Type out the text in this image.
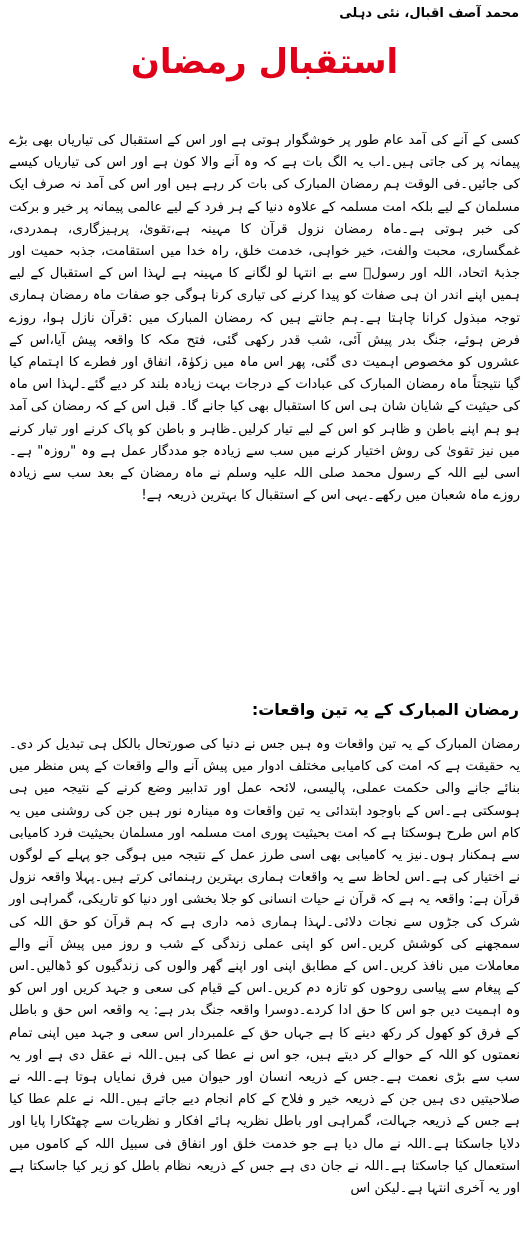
محمد آصف اقبال، نئی دہلی
استقبال رمضان

کسی کے آنے کی آمد عام طور پر خوشگوار ہوتی ہے اور اس کے استقبال کی تیاریاں بھی بڑے پیمانہ پر کی جاتی ہیں۔اب یہ الگ بات ہے کہ وہ آنے والا کون ہے اور اس کی تیاریاں کیسے کی جائیں۔فی الوقت ہم رمضان المبارک کی بات کر رہے ہیں اور اس کی آمد نہ صرف ایک مسلمان کے لیے بلکہ امت مسلمہ کے علاوہ دنیا کے ہر فرد کے لیے عالمی پیمانہ پر خیر و برکت کی خبر ہوتی ہے۔ماہ رمضان نزول قرآن کا مہینہ ہے،تقویٰ، پرہیزگاری، ہمدردی، غمگساری، محبت والفت، خیر خواہی، خدمت خلق، راہ خدا میں استقامت، جذبہ حمیت اور جذبۂ اتحاد، اللہ اور رسولؐ سے بے انتہا لو لگانے کا مہینہ ہے لہذا اس کے استقبال کے لیے ہمیں اپنے اندر ان ہی صفات کو پیدا کرنے کی تیاری کرنا ہوگی جو صفات ماہ رمضان ہماری توجہ مبذول کرانا چاہتا ہے۔ہم جانتے ہیں کہ رمضان المبارک میں :قرآن نازل ہوا، روزے فرض ہوئے، جنگ بدر پیش آئی، شب قدر رکھی گئی، فتح مکہ کا واقعہ پیش آیا،اس کے عشروں کو مخصوص اہمیت دی گئی، پھر اس ماہ میں زکوٰۃ، انفاق اور فطرے کا اہتمام کیا گیا نتیجتاً ماہ رمضان المبارک کی عبادات کے درجات بہت زیادہ بلند کر دیے گئے۔لہذا اس ماہ کی حیثیت کے شایان شان ہی اس کا استقبال بھی کیا جانے گا۔ قبل اس کے کہ رمضان کی آمد ہو ہم اپنے باطن و ظاہر کو اس کے لیے تیار کرلیں۔ظاہر و باطن کو پاک کرنے اور تیار کرنے میں نیز تقویٰ کی روش اختیار کرنے میں سب سے زیادہ جو مددگار عمل ہے وہ "روزہ" ہے۔اسی لیے اللہ کے رسول محمد صلی اللہ علیہ وسلم نے ماہ رمضان کے بعد سب سے زیادہ روزے ماہ شعبان میں رکھے۔یہی اس کے استقبال کا بہترین ذریعہ ہے!

رمضان المبارک کے یہ تین واقعات:

رمضان المبارک کے یہ تین واقعات وہ ہیں جس نے دنیا کی صورتحال بالکل ہی تبدیل کر دی۔یہ حقیقت ہے کہ امت کی کامیابی مختلف ادوار میں پیش آنے والے واقعات کے پس منظر میں بنائے جانے والی حکمت عملی، پالیسی، لائحہ عمل اور تدابیر وضع کرنے کے نتیجہ میں ہی ہوسکتی ہے۔اس کے باوجود ابتدائی یہ تین واقعات وہ مینارہ نور ہیں جن کی روشنی میں یہ کام اس طرح ہوسکتا ہے کہ امت بحیثیت پوری امت مسلمہ اور مسلمان بحیثیت فرد کامیابی سے ہمکنار ہوں۔نیز یہ کامیابی بھی اسی طرز عمل کے نتیجہ میں ہوگی جو پہلے کے لوگوں نے اختیار کی ہے۔اس لحاظ سے یہ واقعات ہماری بہترین رہنمائی کرتے ہیں۔پہلا واقعہ نزول قرآن ہے: واقعہ یہ ہے کہ قرآن نے حیات انسانی کو جلا بخشی اور دنیا کو تاریکی، گمراہی اور شرک کی جڑوں سے نجات دلائی۔لہذا ہماری ذمہ داری ہے کہ ہم قرآن کو حق اللہ کی سمجھنے کی کوشش کریں۔اس کو اپنی عملی زندگی کے شب و روز میں پیش آنے والے معاملات میں نافذ کریں۔اس کے مطابق اپنی اور اپنے گھر والوں کی زندگیوں کو ڈھالیں۔اس کے پیغام سے پیاسی روحوں کو تازہ دم کریں۔اس کے قیام کی سعی و جہد کریں اور اس کو وہ اہمیت دیں جو اس کا حق ادا کردے۔دوسرا واقعہ جنگ بدر ہے: یہ واقعہ اس حق و باطل کے فرق کو کھول کر رکھ دینے کا ہے جہاں حق کے علمبردار اس سعی و جہد میں اپنی تمام نعمتوں کو اللہ کے حوالے کر دیتے ہیں، جو اس نے عطا کی ہیں۔اللہ نے عقل دی ہے اور یہ سب سے بڑی نعمت ہے۔جس کے ذریعہ انسان اور حیوان میں فرق نمایاں ہوتا ہے۔اللہ نے صلاحیتیں دی ہیں جن کے ذریعہ خیر و فلاح کے کام انجام دیے جاتے ہیں۔اللہ نے علم عطا کیا ہے جس کے ذریعہ جہالت، گمراہی اور باطل نظریہ ہائے افکار و نظریات سے چھٹکارا پایا اور دلایا جاسکتا ہے۔اللہ نے مال دیا ہے جو خدمت خلق اور انفاق فی سبیل اللہ کے کاموں میں استعمال کیا جاسکتا ہے۔اللہ نے جان دی ہے جس کے ذریعہ نظام باطل کو زیر کیا جاسکتا ہے اور یہ آخری انتہا ہے۔لیکن اس
